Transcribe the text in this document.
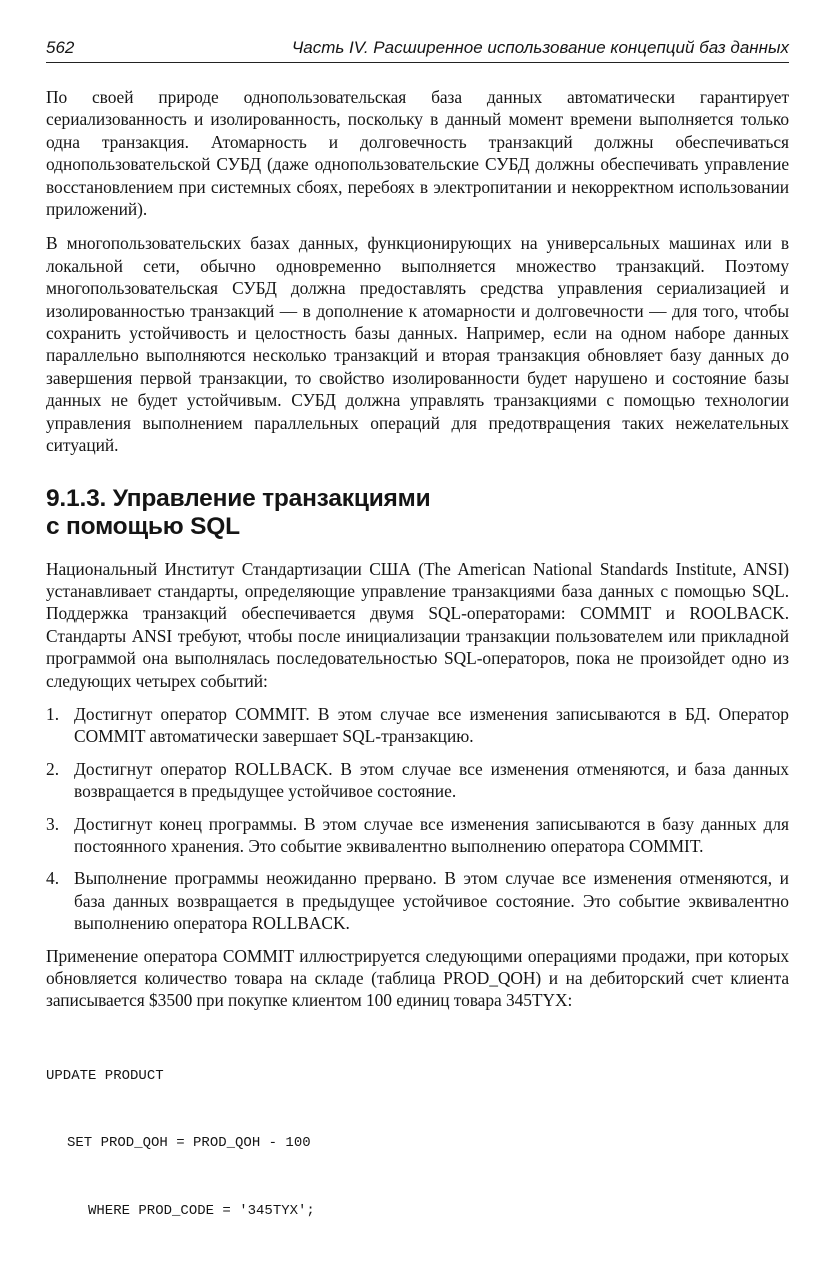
562	Часть IV. Расширенное использование концепций баз данных

По своей природе однопользовательская база данных автоматически гарантирует сериализованность и изолированность, поскольку в данный момент времени выполняется только одна транзакция. Атомарность и долговечность транзакций должны обеспечиваться однопользовательской СУБД (даже однопользовательские СУБД должны обеспечивать управление восстановлением при системных сбоях, перебоях в электропитании и некорректном использовании приложений).

В многопользовательских базах данных, функционирующих на универсальных машинах или в локальной сети, обычно одновременно выполняется множество транзакций. Поэтому многопользовательская СУБД должна предоставлять средства управления сериализацией и изолированностью транзакций — в дополнение к атомарности и долговечности — для того, чтобы сохранить устойчивость и целостность базы данных. Например, если на одном наборе данных параллельно выполняются несколько транзакций и вторая транзакция обновляет базу данных до завершения первой транзакции, то свойство изолированности будет нарушено и состояние базы данных не будет устойчивым. СУБД должна управлять транзакциями с помощью технологии управления выполнением параллельных операций для предотвращения таких нежелательных ситуаций.

9.1.3. Управление транзакциями
с помощью SQL

Национальный Институт Стандартизации США (The American National Standards Institute, ANSI) устанавливает стандарты, определяющие управление транзакциями база данных с помощью SQL. Поддержка транзакций обеспечивается двумя SQL-операторами: COMMIT и ROOLBACK. Стандарты ANSI требуют, чтобы после инициализации транзакции пользователем или прикладной программой она выполнялась последовательностью SQL-операторов, пока не произойдет одно из следующих четырех событий:

1. Достигнут оператор COMMIT. В этом случае все изменения записываются в БД. Оператор COMMIT автоматически завершает SQL-транзакцию.
2. Достигнут оператор ROLLBACK. В этом случае все изменения отменяются, и база данных возвращается в предыдущее устойчивое состояние.
3. Достигнут конец программы. В этом случае все изменения записываются в базу данных для постоянного хранения. Это событие эквивалентно выполнению оператора COMMIT.
4. Выполнение программы неожиданно прервано. В этом случае все изменения отменяются, и база данных возвращается в предыдущее устойчивое состояние. Это событие эквивалентно выполнению оператора ROLLBACK.

Применение оператора COMMIT иллюстрируется следующими операциями продажи, при которых обновляется количество товара на складе (таблица PROD_QOH) и на дебиторский счет клиента записывается $3500 при покупке клиентом 100 единиц товара 345TYX:

UPDATE PRODUCT

SET PROD_QOH = PROD_QOH - 100

WHERE PROD_CODE = '345TYX';
